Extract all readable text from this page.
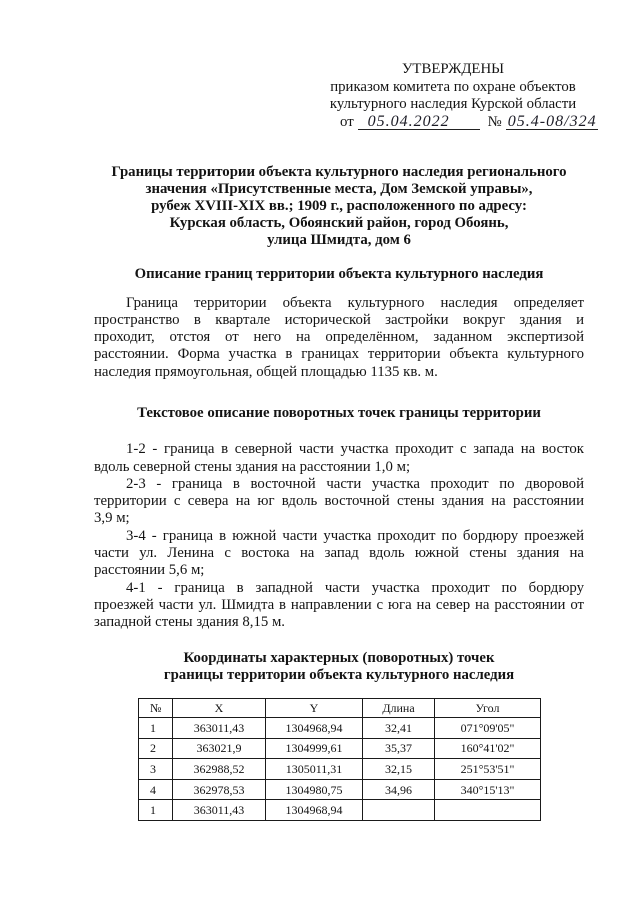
УТВЕРЖДЕНЫ
приказом комитета по охране объектов
культурного наследия Курской области
от 05.04.2022	№ 05.4-08/324
Границы территории объекта культурного наследия регионального
значения «Присутственные места, Дом Земской управы»,
рубеж XVIII-XIX вв.; 1909 г., расположенного по адресу:
Курская область, Обоянский район, город Обоянь,
улица Шмидта, дом 6
Описание границ территории объекта культурного наследия
Граница территории объекта культурного наследия определяет
пространство в квартале исторической застройки вокруг здания и
проходит, отстоя от него на определённом, заданном экспертизой
расстоянии. Форма участка в границах территории объекта культурного
наследия прямоугольная, общей площадью 1135 кв. м.
Текстовое описание поворотных точек границы территории
1-2 - граница в северной части участка проходит с запада на восток
вдоль северной стены здания на расстоянии 1,0 м;
2-3 - граница в восточной части участка проходит по дворовой
территории с севера на юг вдоль восточной стены здания на расстоянии
3,9 м;
3-4 - граница в южной части участка проходит по бордюру проезжей
части ул. Ленина с востока на запад вдоль южной стены здания на
расстоянии 5,6 м;
4-1 - граница в западной части участка проходит по бордюру
проезжей части ул. Шмидта в направлении с юга на север на расстоянии от
западной стены здания 8,15 м.
Координаты характерных (поворотных) точек
границы территории объекта культурного наследия
№	X	Y	Длина	Угол
1	363011,43	1304968,94	32,41	071°09'05"
2	363021,9	1304999,61	35,37	160°41'02"
3	362988,52	1305011,31	32,15	251°53'51"
4	362978,53	1304980,75	34,96	340°15'13"
1	363011,43	1304968,94		
